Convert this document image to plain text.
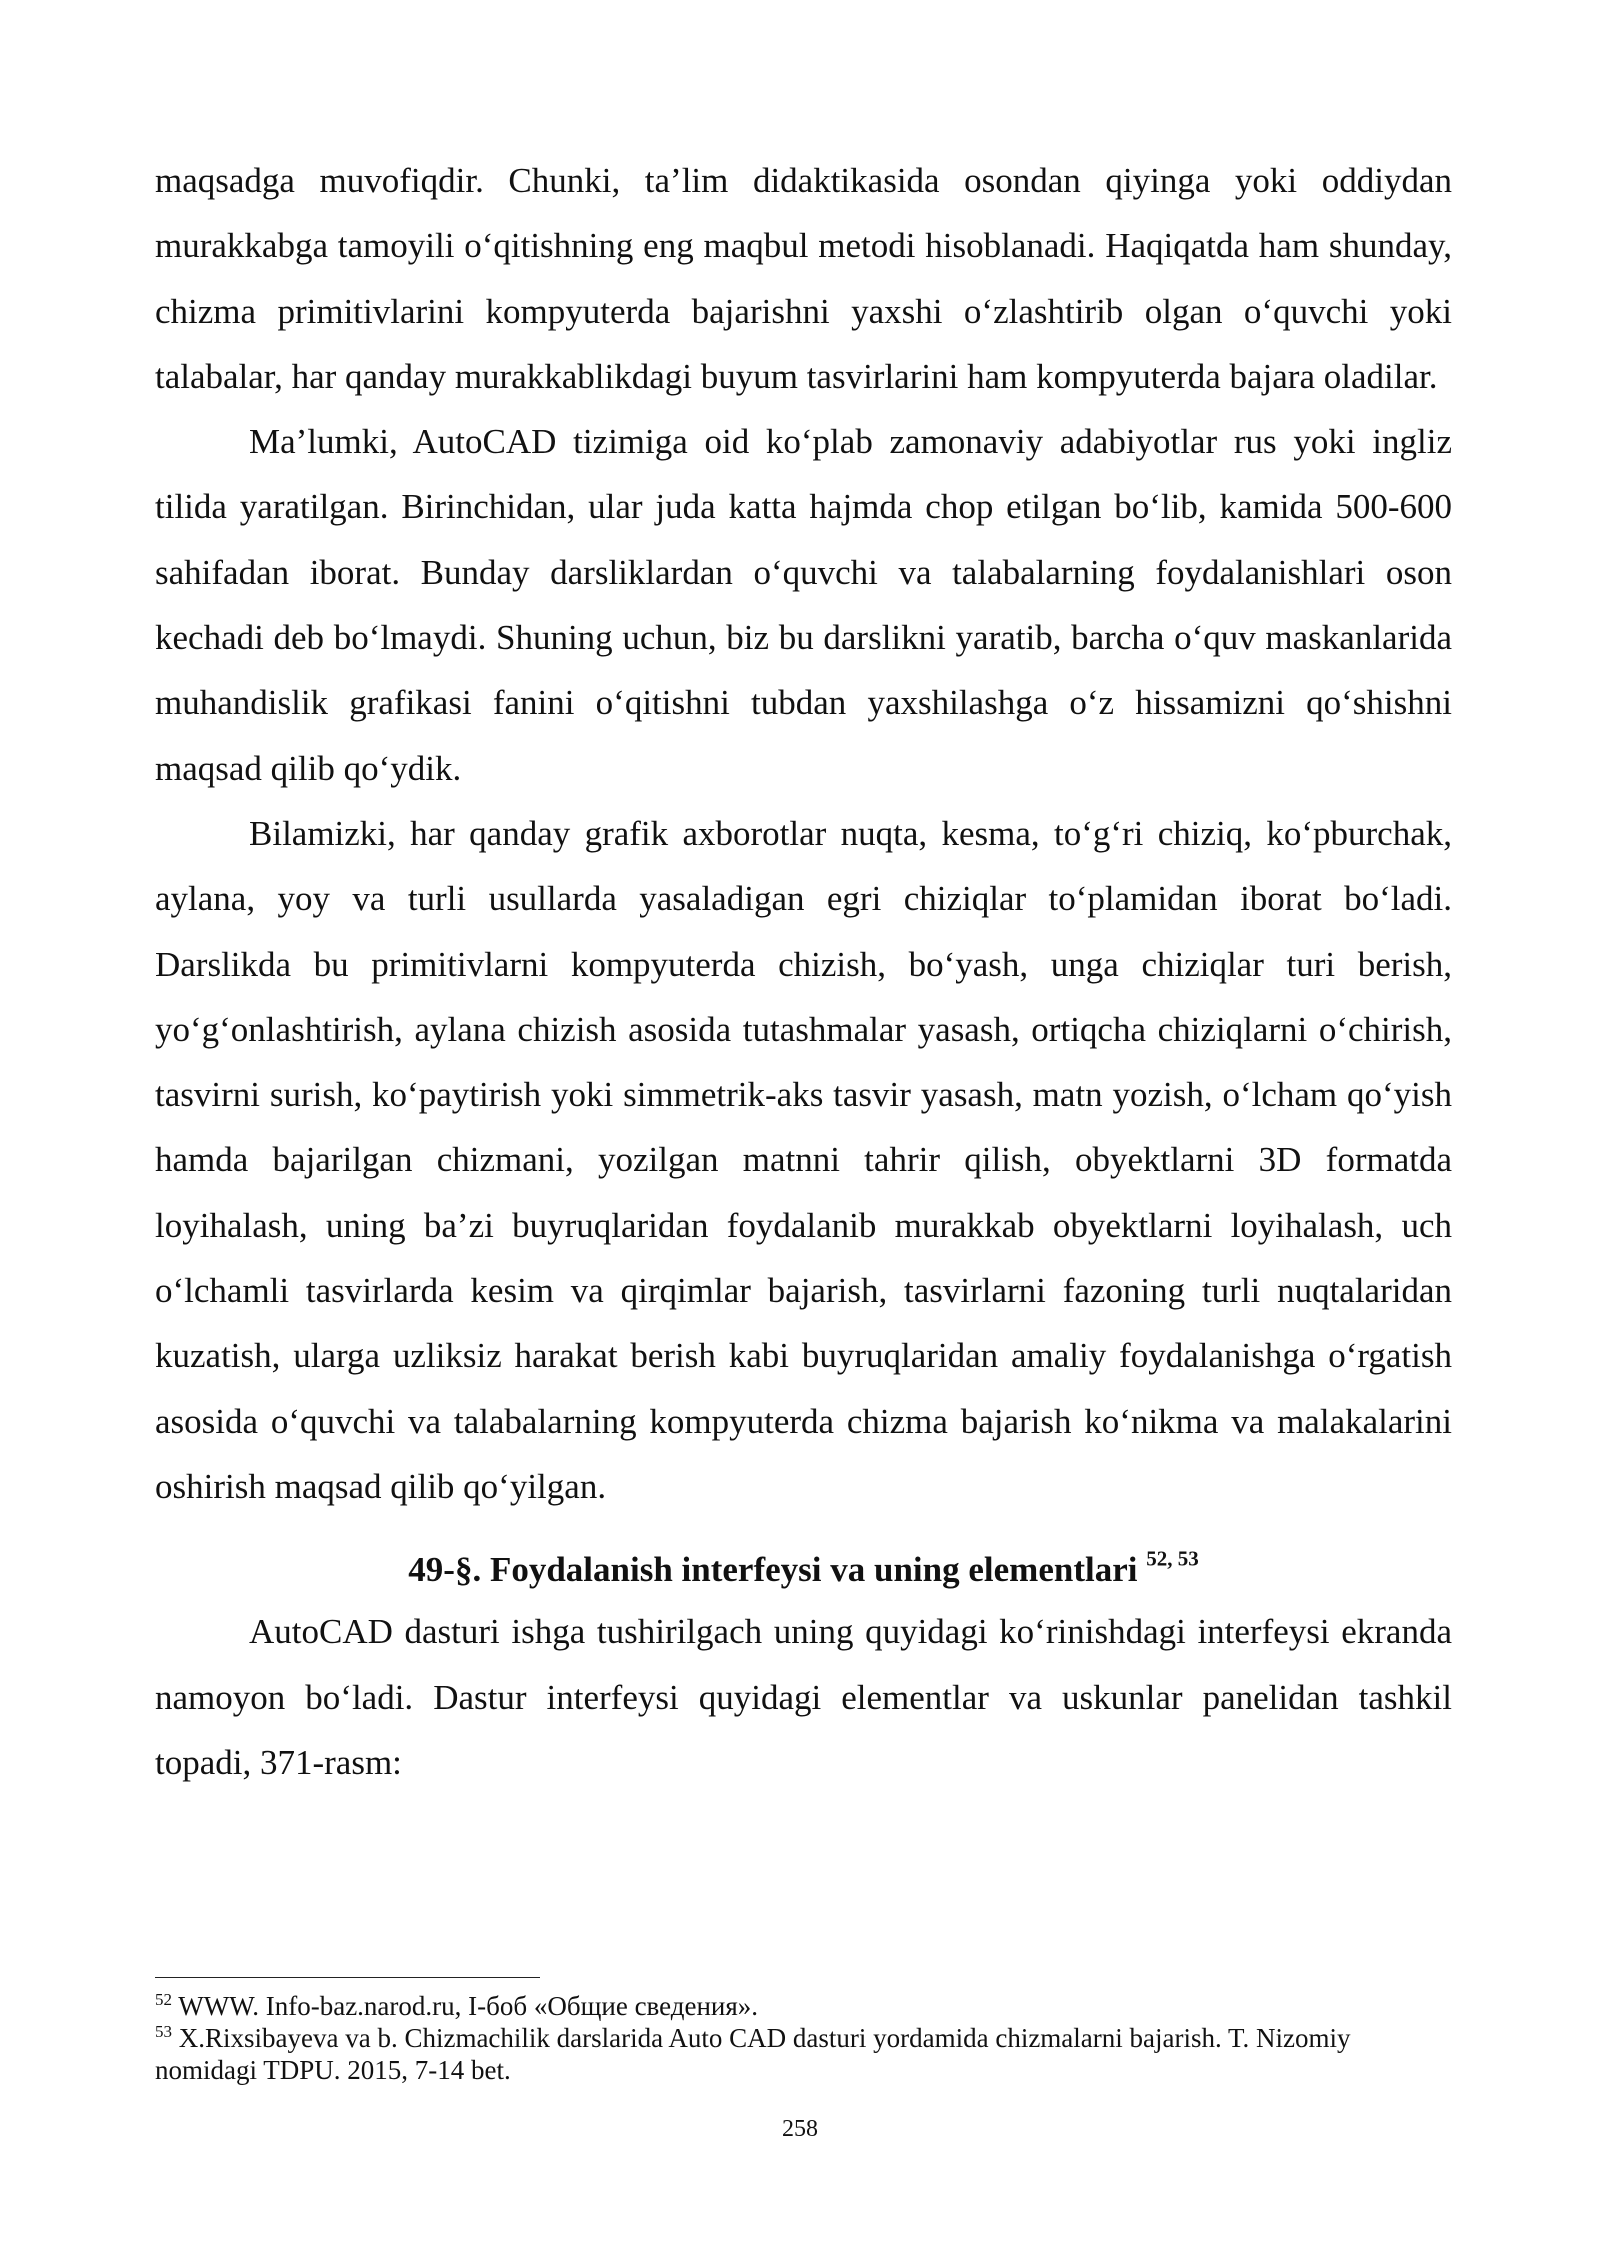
maqsadga muvofiqdir. Chunki, ta’lim didaktikasida osondan qiyinga yoki oddiydan murakkabga tamoyili o‘qitishning eng maqbul metodi hisoblanadi. Haqiqatda ham shunday, chizma primitivlarini kompyuterda bajarishni yaxshi o‘zlashtirib olgan o‘quvchi yoki talabalar, har qanday murakkablikdagi buyum tasvirlarini ham kompyuterda bajara oladilar.

Ma’lumki, AutoCAD tizimiga oid ko‘plab zamonaviy adabiyotlar rus yoki ingliz tilida yaratilgan. Birinchidan, ular juda katta hajmda chop etilgan bo‘lib, kamida 500-600 sahifadan iborat. Bunday darsliklardan o‘quvchi va talabalarning foydalanishlari oson kechadi deb bo‘lmaydi. Shuning uchun, biz bu darslikni yaratib, barcha o‘quv maskanlarida muhandislik grafikasi fanini o‘qitishni tubdan yaxshilashga o‘z hissamizni qo‘shishni maqsad qilib qo‘ydik.

Bilamizki, har qanday grafik axborotlar nuqta, kesma, to‘g‘ri chiziq, ko‘pburchak, aylana, yoy va turli usullarda yasaladigan egri chiziqlar to‘plamidan iborat bo‘ladi. Darslikda bu primitivlarni kompyuterda chizish, bo‘yash, unga chiziqlar turi berish, yo‘g‘onlashtirish, aylana chizish asosida tutashmalar yasash, ortiqcha chiziqlarni o‘chirish, tasvirni surish, ko‘paytirish yoki simmetrik-aks tasvir yasash, matn yozish, o‘lcham qo‘yish hamda bajarilgan chizmani, yozilgan matnni tahrir qilish, obyektlarni 3D formatda loyihalash, uning ba’zi buyruqlaridan foydalanib murakkab obyektlarni loyihalash, uch o‘lchamli tasvirlarda kesim va qirqimlar bajarish, tasvirlarni fazoning turli nuqtalaridan kuzatish, ularga uzliksiz harakat berish kabi buyruqlaridan amaliy foydalanishga o‘rgatish asosida o‘quvchi va talabalarning kompyuterda chizma bajarish ko‘nikma va malakalarini oshirish maqsad qilib qo‘yilgan.

49-§. Foydalanish interfeysi va uning elementlari $^{52, 53}$

AutoCAD dasturi ishga tushirilgach uning quyidagi ko‘rinishdagi interfeysi ekranda namoyon bo‘ladi. Dastur interfeysi quyidagi elementlar va uskunlar panelidan tashkil topadi, 371-rasm:

$^{52}$ WWW. Info-baz.narod.ru, I-боб «Общие сведения».

$^{53}$ X.Rixsibayeva va b. Chizmachilik darslarida Auto CAD dasturi yordamida chizmalarni bajarish. T. Nizomiy nomidagi TDPU. 2015, 7-14 bet.

258
